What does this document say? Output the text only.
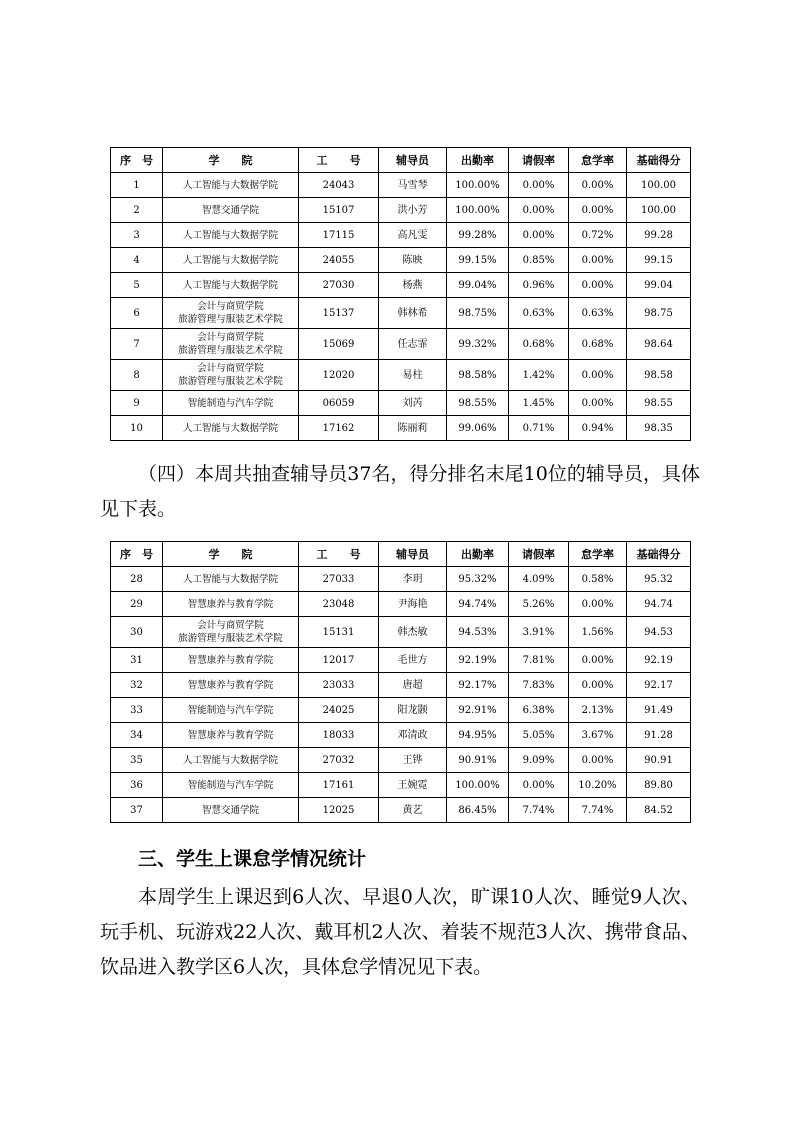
序　号	学　　院	工　　号	辅导员	出勤率	请假率	怠学率	基础得分
1	人工智能与大数据学院	24043	马雪琴	100.00%	0.00%	0.00%	100.00
2	智慧交通学院	15107	洪小芳	100.00%	0.00%	0.00%	100.00
3	人工智能与大数据学院	17115	高凡雯	99.28%	0.00%	0.72%	99.28
4	人工智能与大数据学院	24055	陈映	99.15%	0.85%	0.00%	99.15
5	人工智能与大数据学院	27030	杨燕	99.04%	0.96%	0.00%	99.04
6	会计与商贸学院
旅游管理与服装艺术学院	15137	韩林希	98.75%	0.63%	0.63%	98.75
7	会计与商贸学院
旅游管理与服装艺术学院	15069	任志霏	99.32%	0.68%	0.68%	98.64
8	会计与商贸学院
旅游管理与服装艺术学院	12020	易柱	98.58%	1.42%	0.00%	98.58
9	智能制造与汽车学院	06059	刘芮	98.55%	1.45%	0.00%	98.55
10	人工智能与大数据学院	17162	陈丽莉	99.06%	0.71%	0.94%	98.35

（四）本周共抽查辅导员37名，得分排名末尾10位的辅导员，具体见下表。

序　号	学　　院	工　　号	辅导员	出勤率	请假率	怠学率	基础得分
28	人工智能与大数据学院	27033	李玥	95.32%	4.09%	0.58%	95.32
29	智慧康养与教育学院	23048	尹海艳	94.74%	5.26%	0.00%	94.74
30	会计与商贸学院
旅游管理与服装艺术学院	15131	韩杰敏	94.53%	3.91%	1.56%	94.53
31	智慧康养与教育学院	12017	毛世方	92.19%	7.81%	0.00%	92.19
32	智慧康养与教育学院	23033	唐超	92.17%	7.83%	0.00%	92.17
33	智能制造与汽车学院	24025	阳龙颢	92.91%	6.38%	2.13%	91.49
34	智慧康养与教育学院	18033	邓清政	94.95%	5.05%	3.67%	91.28
35	人工智能与大数据学院	27032	王铧	90.91%	9.09%	0.00%	90.91
36	智能制造与汽车学院	17161	王婉霓	100.00%	0.00%	10.20%	89.80
37	智慧交通学院	12025	黄艺	86.45%	7.74%	7.74%	84.52
三、学生上课怠学情况统计

本周学生上课迟到6人次、早退0人次，旷课10人次、睡觉9人次、玩手机、玩游戏22人次、戴耳机2人次、着装不规范3人次、携带食品、饮品进入教学区6人次，具体怠学情况见下表。
